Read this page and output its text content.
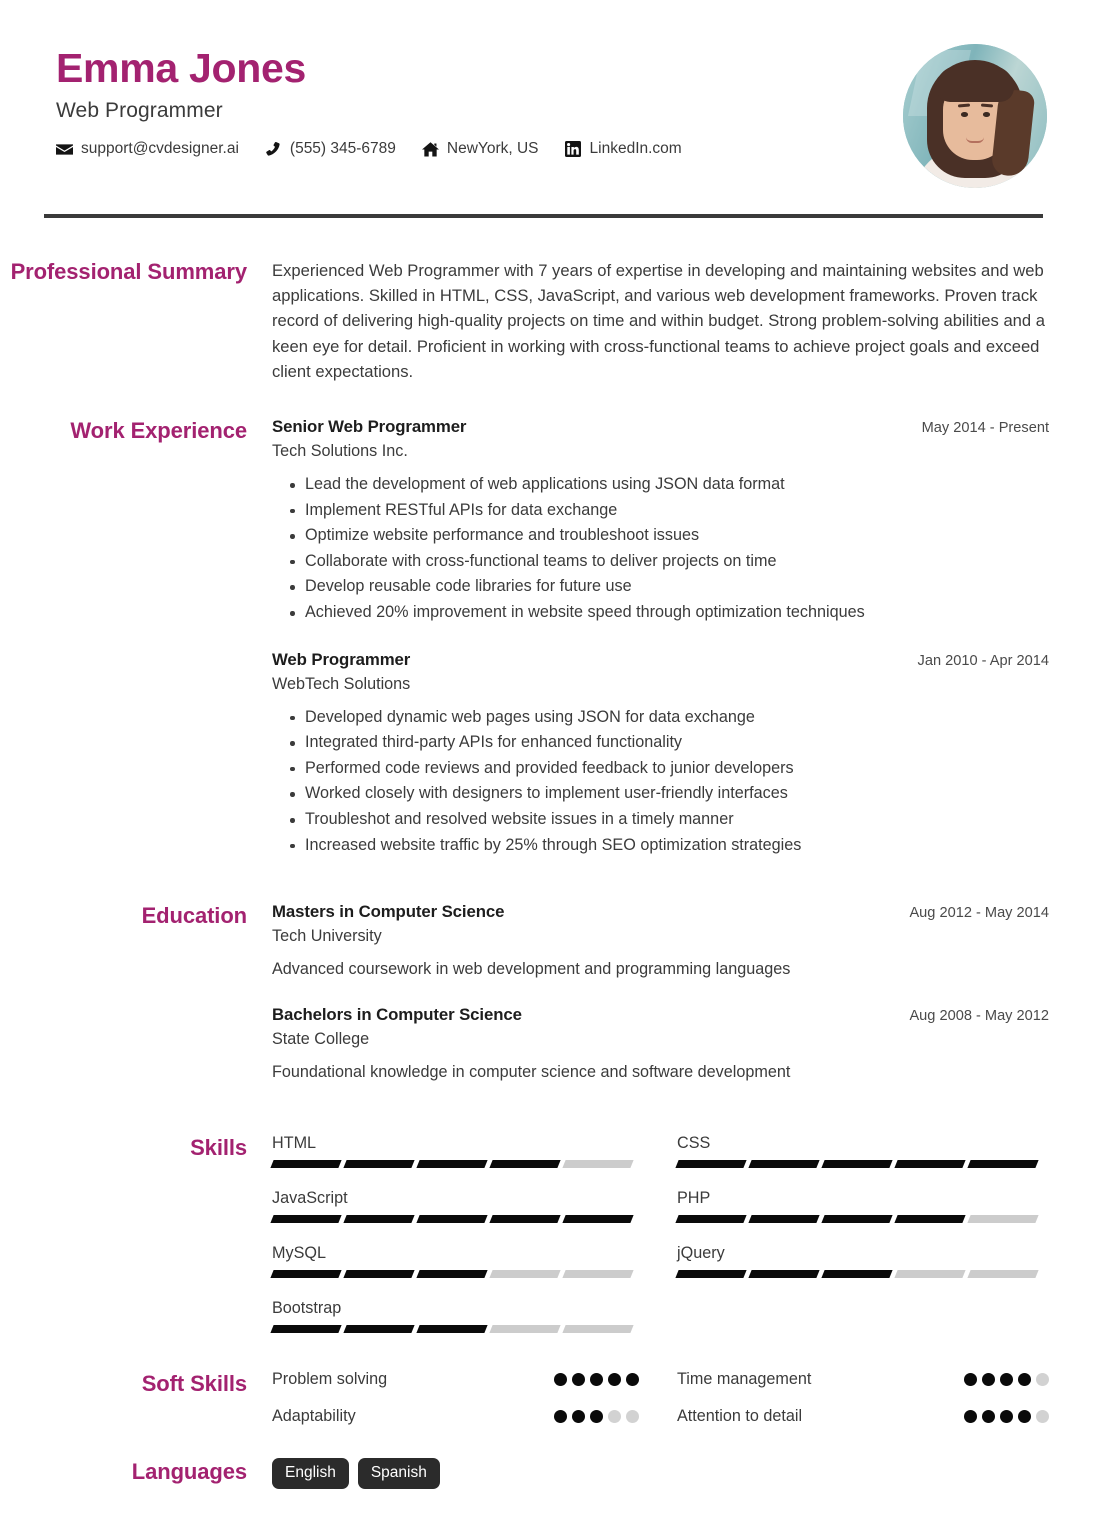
Emma Jones
Web Programmer
support@cvdesigner.ai	(555) 345-6789	NewYork, US	LinkedIn.com
Professional Summary Experienced Web Programmer with 7 years of expertise in developing and maintaining websites and web applications. Skilled in HTML, CSS, JavaScript, and various web development frameworks. Proven track record of delivering high-quality projects on time and within budget. Strong problem-solving abilities and a keen eye for detail. Proficient in working with cross-functional teams to achieve project goals and exceed client expectations.
Work Experience Senior Web Programmer	May 2014 - Present
Tech Solutions Inc.
Lead the development of web applications using JSON data format
Implement RESTful APIs for data exchange
Optimize website performance and troubleshoot issues
Collaborate with cross-functional teams to deliver projects on time
Develop reusable code libraries for future use
Achieved 20% improvement in website speed through optimization techniques
Web Programmer	Jan 2010 - Apr 2014
WebTech Solutions
Developed dynamic web pages using JSON for data exchange
Integrated third-party APIs for enhanced functionality
Performed code reviews and provided feedback to junior developers
Worked closely with designers to implement user-friendly interfaces
Troubleshot and resolved website issues in a timely manner
Increased website traffic by 25% through SEO optimization strategies
Education Masters in Computer Science	Aug 2012 - May 2014
Tech University
Advanced coursework in web development and programming languages
Bachelors in Computer Science	Aug 2008 - May 2012
State College
Foundational knowledge in computer science and software development
Skills HTML	CSS
JavaScript	PHP
MySQL	jQuery
Bootstrap
Soft Skills Problem solving	Time management
Adaptability	Attention to detail
Languages	English	Spanish
